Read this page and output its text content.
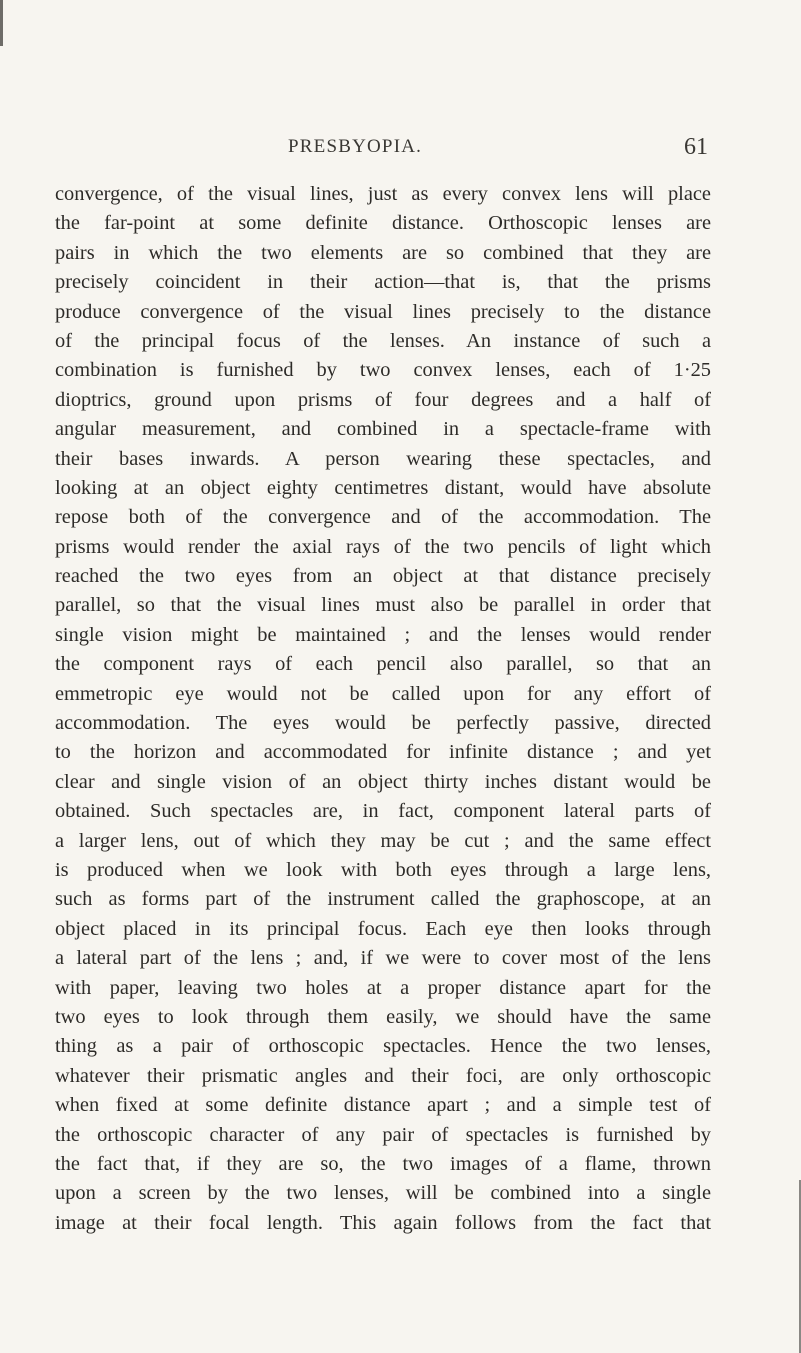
PRESBYOPIA.	61
convergence, of the visual lines, just as every convex lens will place
the far-point at some definite distance. Orthoscopic lenses are
pairs in which the two elements are so combined that they are
precisely coincident in their action—that is, that the prisms
produce convergence of the visual lines precisely to the distance
of the principal focus of the lenses. An instance of such a
combination is furnished by two convex lenses, each of 1·25
dioptrics, ground upon prisms of four degrees and a half of
angular measurement, and combined in a spectacle-frame with
their bases inwards. A person wearing these spectacles, and
looking at an object eighty centimetres distant, would have absolute
repose both of the convergence and of the accommodation. The
prisms would render the axial rays of the two pencils of light which
reached the two eyes from an object at that distance precisely
parallel, so that the visual lines must also be parallel in order that
single vision might be maintained ; and the lenses would render
the component rays of each pencil also parallel, so that an
emmetropic eye would not be called upon for any effort of
accommodation. The eyes would be perfectly passive, directed
to the horizon and accommodated for infinite distance ; and yet
clear and single vision of an object thirty inches distant would be
obtained. Such spectacles are, in fact, component lateral parts of
a larger lens, out of which they may be cut ; and the same effect
is produced when we look with both eyes through a large lens,
such as forms part of the instrument called the graphoscope, at an
object placed in its principal focus. Each eye then looks through
a lateral part of the lens ; and, if we were to cover most of the lens
with paper, leaving two holes at a proper distance apart for the
two eyes to look through them easily, we should have the same
thing as a pair of orthoscopic spectacles. Hence the two lenses,
whatever their prismatic angles and their foci, are only orthoscopic
when fixed at some definite distance apart ; and a simple test of
the orthoscopic character of any pair of spectacles is furnished by
the fact that, if they are so, the two images of a flame, thrown
upon a screen by the two lenses, will be combined into a single
image at their focal length. This again follows from the fact that
